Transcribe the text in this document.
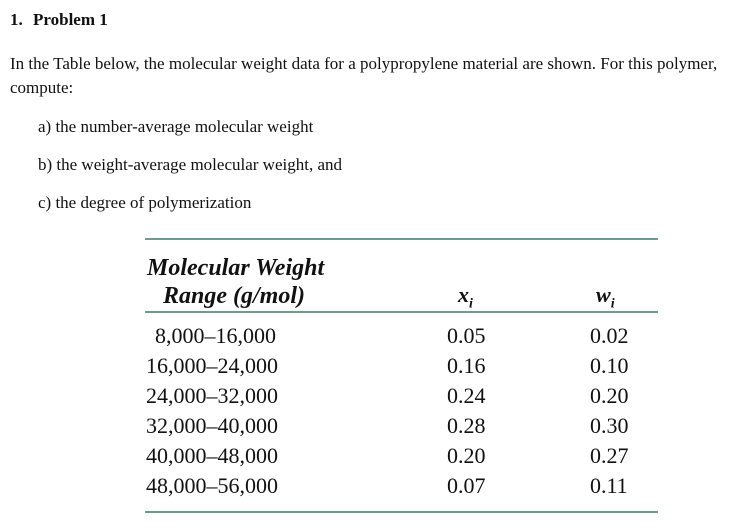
1. Problem 1
In the Table below, the molecular weight data for a polypropylene material are shown. For this polymer, compute:
a) the number-average molecular weight
b) the weight-average molecular weight, and
c) the degree of polymerization
Molecular Weight
Range (g/mol)	$x_i$	$w_i$
8,000–16,000	0.05	0.02
16,000–24,000	0.16	0.10
24,000–32,000	0.24	0.20
32,000–40,000	0.28	0.30
40,000–48,000	0.20	0.27
48,000–56,000	0.07	0.11
